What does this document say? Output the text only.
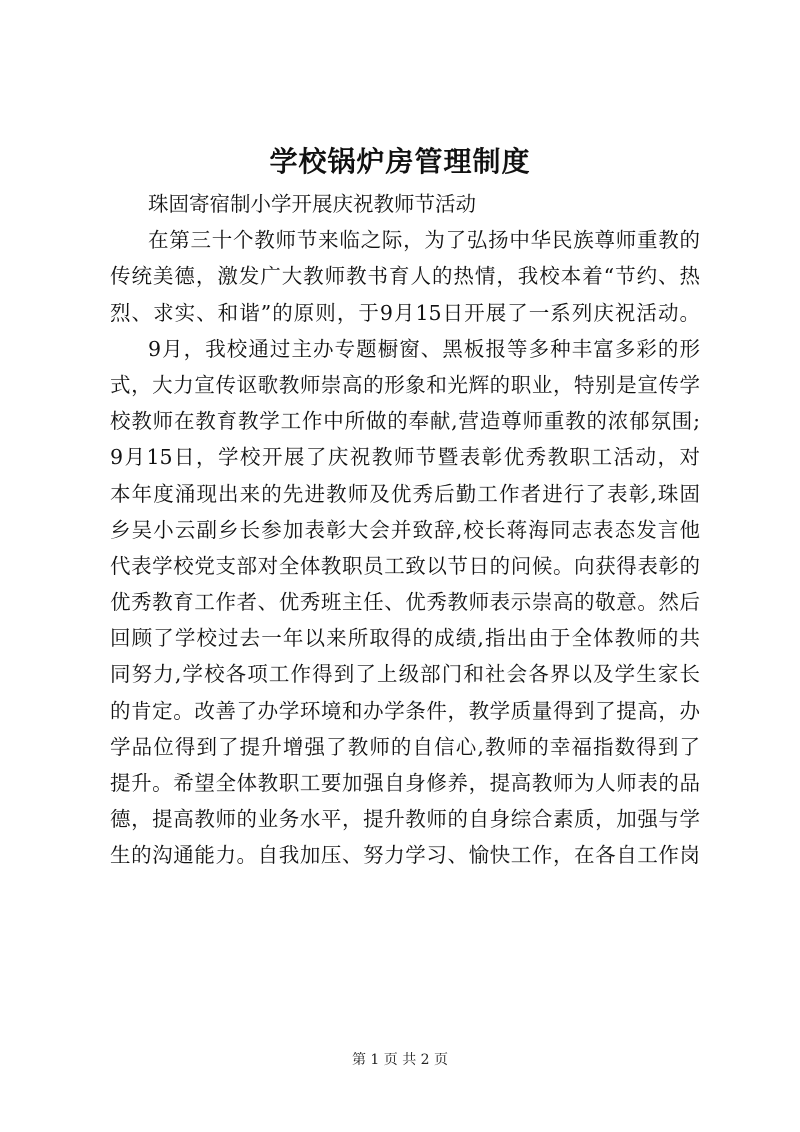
学校锅炉房管理制度
珠固寄宿制小学开展庆祝教师节活动
在第三十个教师节来临之际，为了弘扬中华民族尊师重教的
传统美德，激发广大教师教书育人的热情，我校本着“节约、热
烈、求实、和谐”的原则，于9月15日开展了一系列庆祝活动。
9月，我校通过主办专题橱窗、黑板报等多种丰富多彩的形
式，大力宣传讴歌教师崇高的形象和光辉的职业，特别是宣传学
校教师在教育教学工作中所做的奉献,营造尊师重教的浓郁氛围;
9月15日，学校开展了庆祝教师节暨表彰优秀教职工活动，对
本年度涌现出来的先进教师及优秀后勤工作者进行了表彰,珠固
乡吴小云副乡长参加表彰大会并致辞,校长蒋海同志表态发言他
代表学校党支部对全体教职员工致以节日的问候。向获得表彰的
优秀教育工作者、优秀班主任、优秀教师表示崇高的敬意。然后
回顾了学校过去一年以来所取得的成绩,指出由于全体教师的共
同努力,学校各项工作得到了上级部门和社会各界以及学生家长
的肯定。改善了办学环境和办学条件，教学质量得到了提高，办
学品位得到了提升增强了教师的自信心,教师的幸福指数得到了
提升。希望全体教职工要加强自身修养，提高教师为人师表的品
德，提高教师的业务水平，提升教师的自身综合素质，加强与学
生的沟通能力。自我加压、努力学习、愉快工作，在各自工作岗
第 1 页 共 2 页
